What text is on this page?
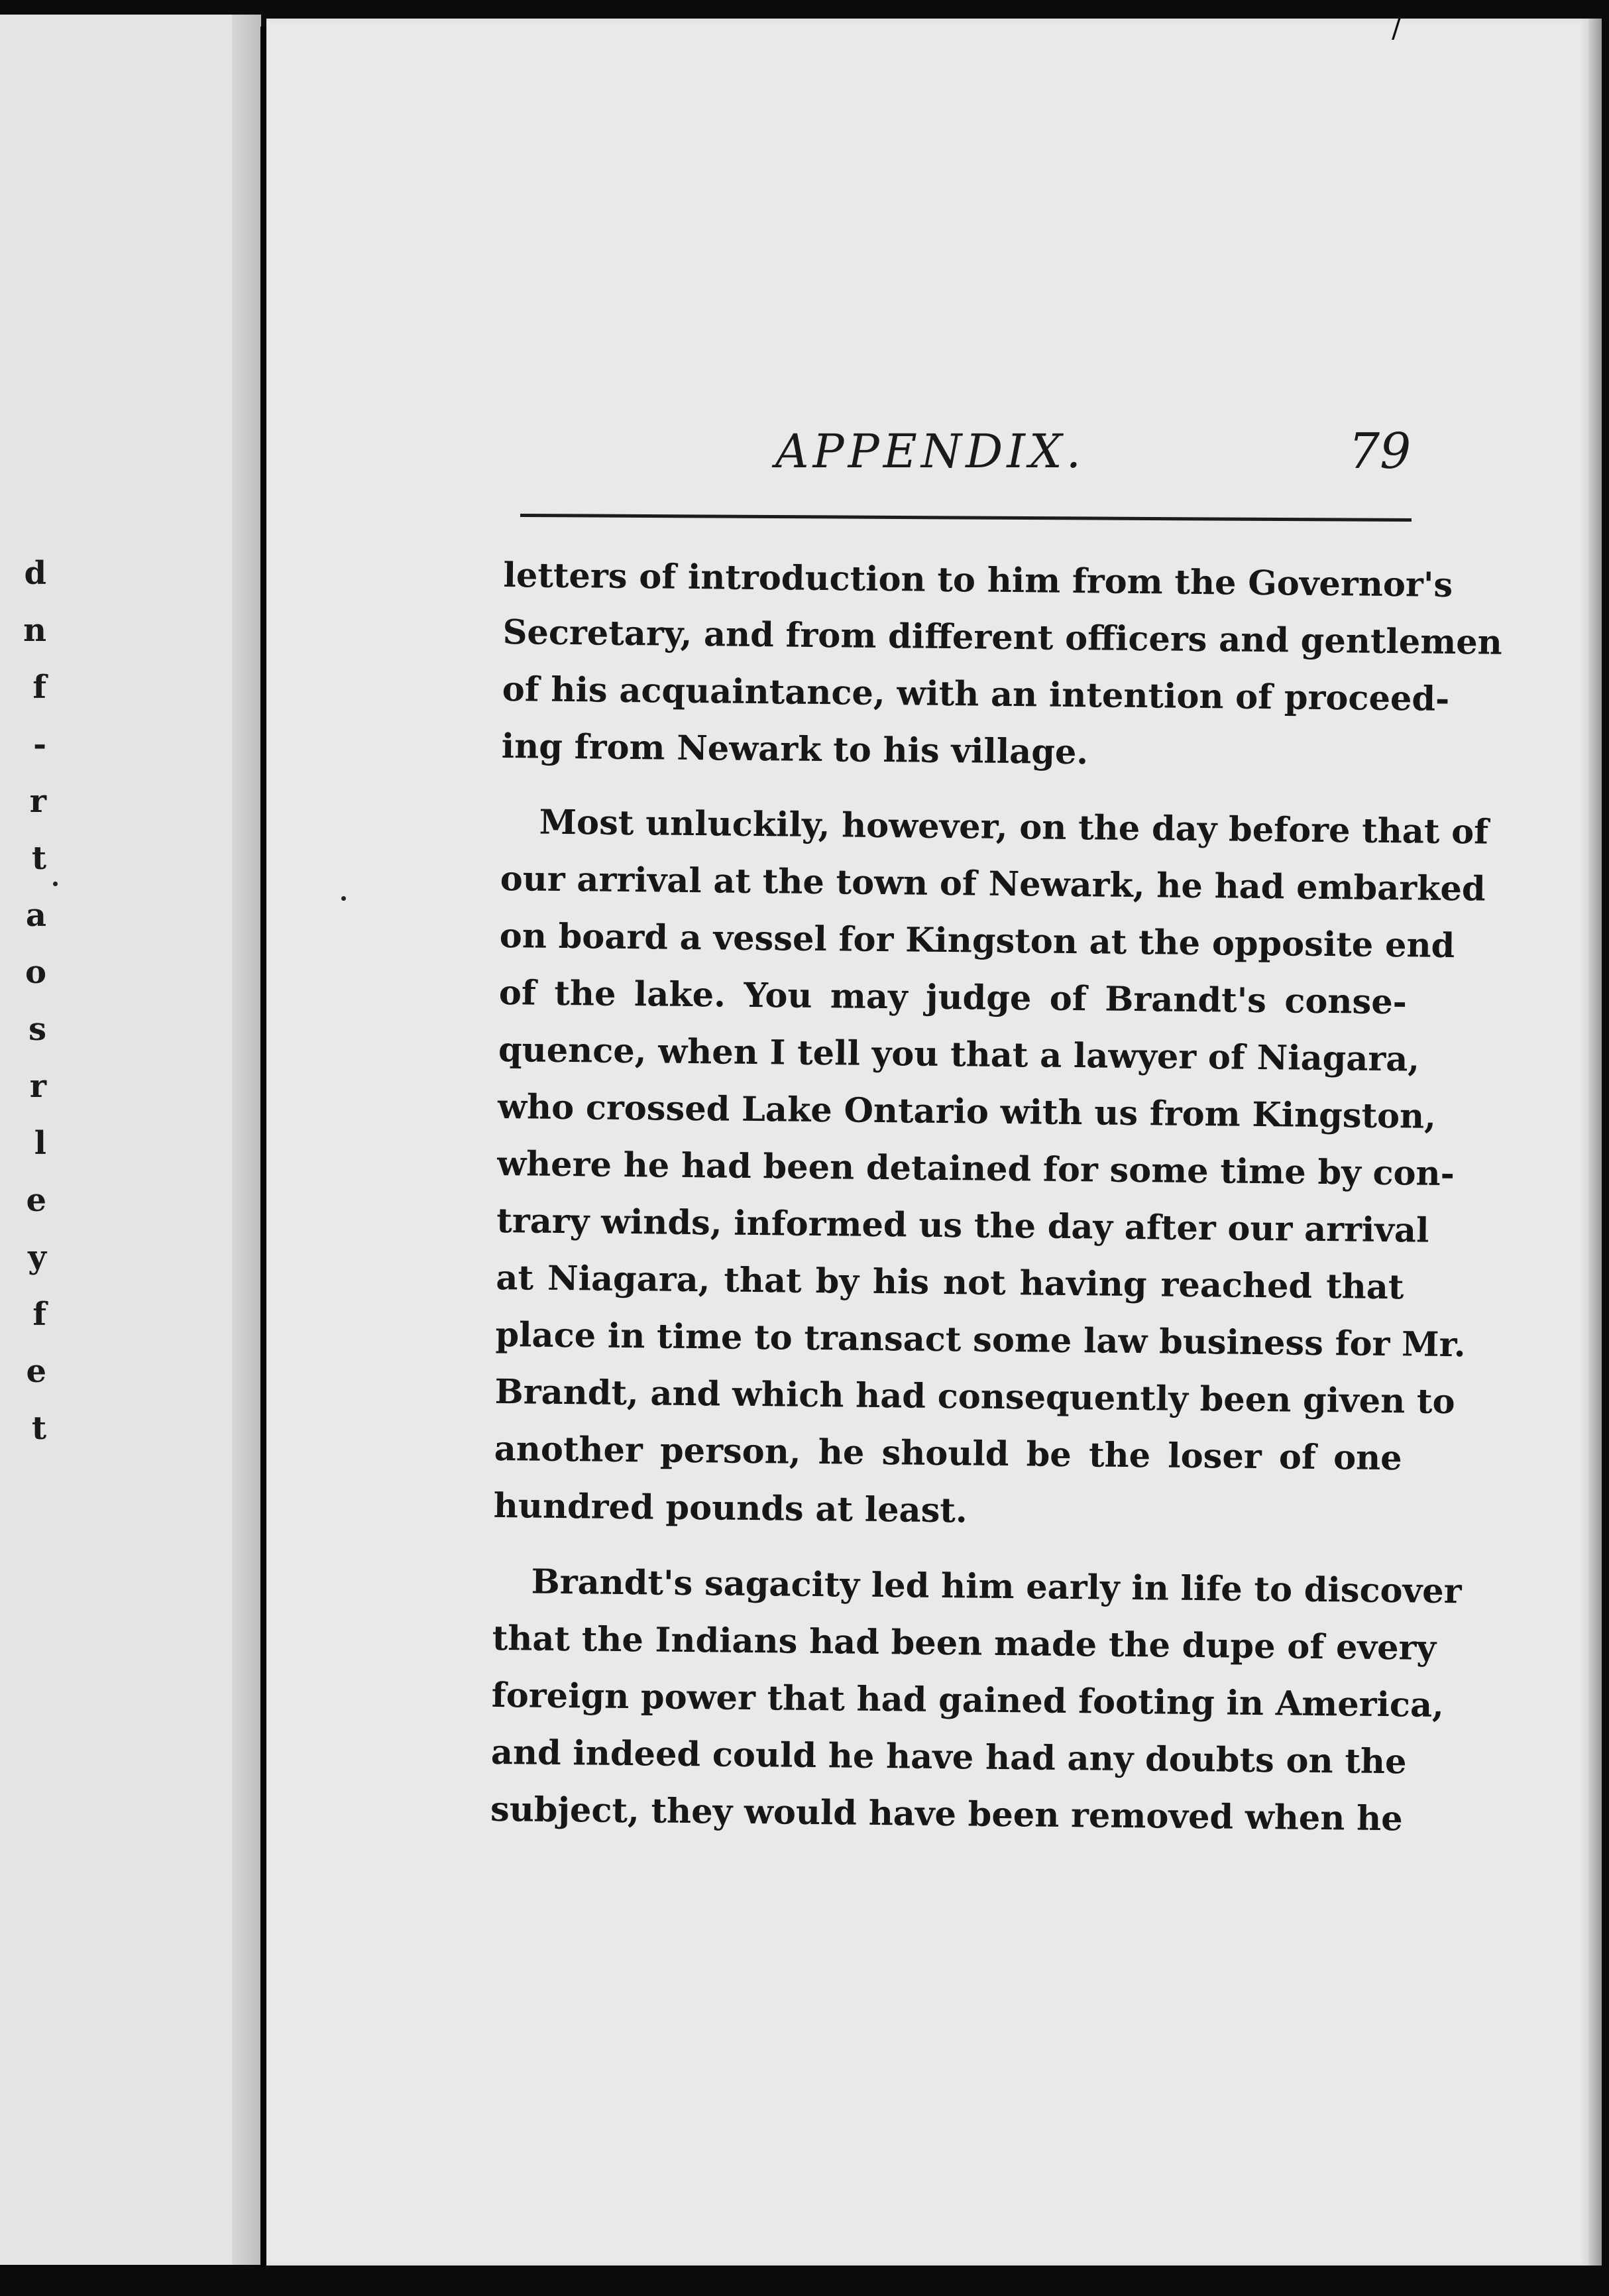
d
n
f
-
r
t
a
o
s
r
l
e
y
f
e
t
/
APPENDIX.	79
letters of introduction to him from the Governor's
Secretary, and from different officers and gentlemen
of his acquaintance, with an intention of proceed-
ing from Newark to his village.
Most unluckily, however, on the day before that of
our arrival at the town of Newark, he had embarked
on board a vessel for Kingston at the opposite end
of the lake. You may judge of Brandt's conse-
quence, when I tell you that a lawyer of Niagara,
who crossed Lake Ontario with us from Kingston,
where he had been detained for some time by con-
trary winds, informed us the day after our arrival
at Niagara, that by his not having reached that
place in time to transact some law business for Mr.
Brandt, and which had consequently been given to
another person, he should be the loser of one
hundred pounds at least.
Brandt's sagacity led him early in life to discover
that the Indians had been made the dupe of every
foreign power that had gained footing in America,
and indeed could he have had any doubts on the
subject, they would have been removed when he
